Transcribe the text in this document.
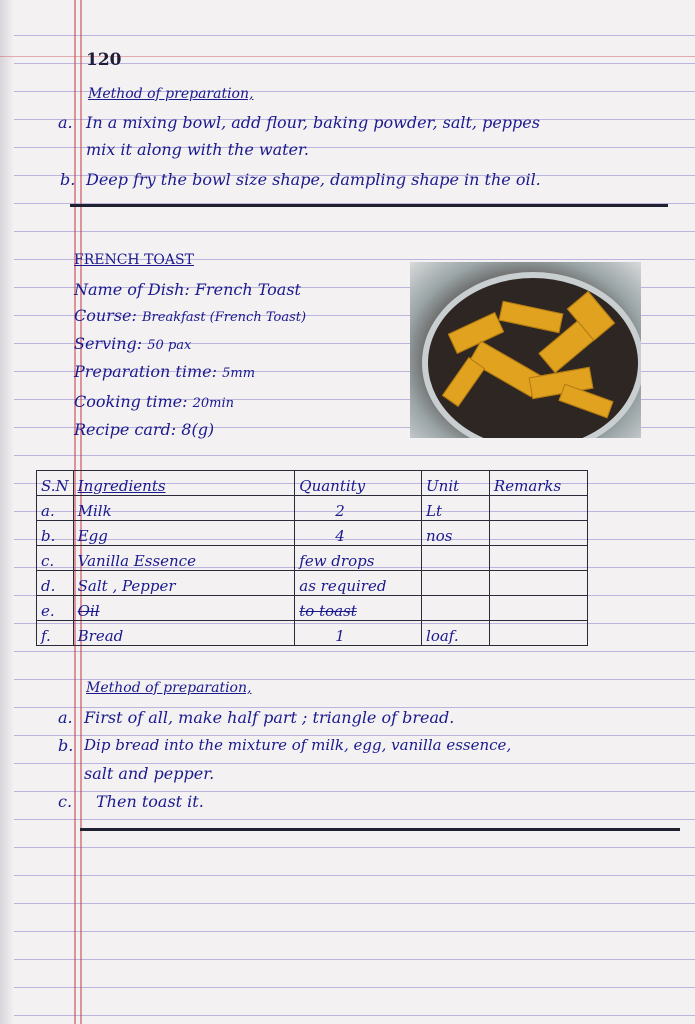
120
Method of preparation,
a. In a mixing bowl, add flour, baking powder, salt, peppes
mix it along with the water.
b. Deep fry the bowl size shape, dampling shape in the oil.
FRENCH TOAST
Name of Dish: French Toast
Course: Breakfast (French Toast)
Serving: 50 pax
Preparation time: 5mm
Cooking time: 20min
Recipe card: 8(g)
S.N	Ingredients	Quantity	Unit	Remarks
a.	Milk	2	Lt	
b.	Egg	4	nos	
c.	Vanilla Essence	few drops		
d.	Salt , Pepper	as required		
e.	Oil	to toast		
f.	Bread	1	loaf.	
Method of preparation,
a. First of all, make half part ; triangle of bread.
b. Dip bread into the mixture of milk, egg, vanilla essence,
salt and pepper.
c. Then toast it.
